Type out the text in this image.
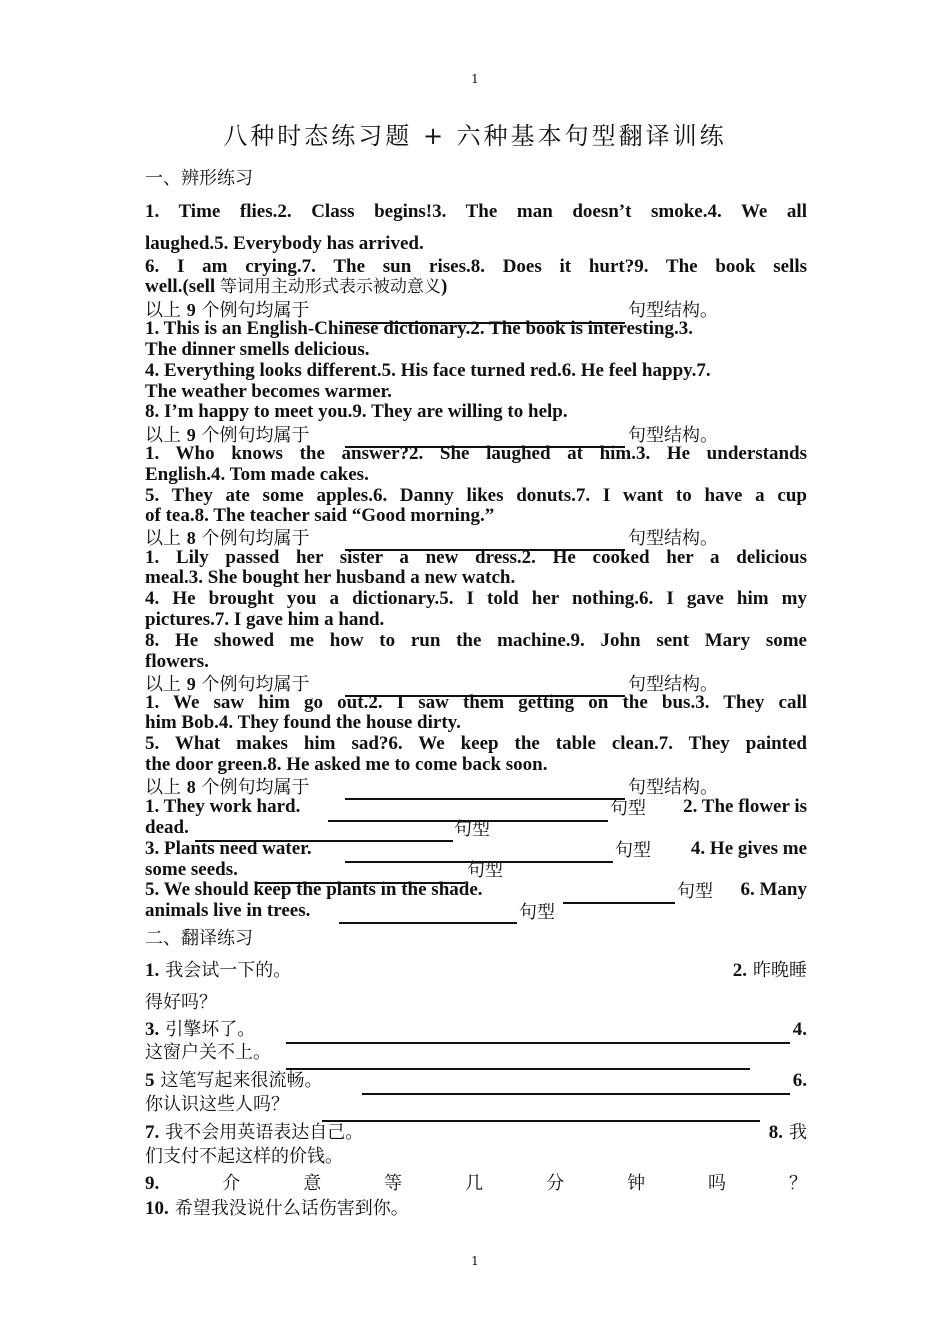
1
八种时态练习题 + 六种基本句型翻译训练
一、辨形练习
1. Time flies.2. Class begins!3. The man doesn’t smoke.4. We all
laughed.5. Everybody has arrived.
6. I am crying.7. The sun rises.8. Does it hurt?9. The book sells
well.(sell 等词用主动形式表示被动意义)
以上 9 个例句均属于	句型结构。
1. This is an English-Chinese dictionary.2. The book is interesting.3.
The dinner smells delicious.
4. Everything looks different.5. His face turned red.6. He feel happy.7.
The weather becomes warmer.
8. I’m happy to meet you.9. They are willing to help.
以上 9 个例句均属于	句型结构。
1. Who knows the answer?2. She laughed at him.3. He understands
English.4. Tom made cakes.
5. They ate some apples.6. Danny likes donuts.7. I want to have a cup
of tea.8. The teacher said “Good morning.”
以上 8 个例句均属于	句型结构。
1. Lily passed her sister a new dress.2. He cooked her a delicious
meal.3. She bought her husband a new watch.
4. He brought you a dictionary.5. I told her nothing.6. I gave him my
pictures.7. I gave him a hand.
8. He showed me how to run the machine.9. John sent Mary some
flowers.
以上 9 个例句均属于	句型结构。
1. We saw him go out.2. I saw them getting on the bus.3. They call
him Bob.4. They found the house dirty.
5. What makes him sad?6. We keep the table clean.7. They painted
the door green.8. He asked me to come back soon.
以上 8 个例句均属于	句型结构。
1. They work hard.	句型	2. The flower is
dead.	句型
3. Plants need water.	句型	4. He gives me
some seeds.	句型
5. We should keep the plants in the shade.	句型	6. Many
animals live in trees.	句型
二、翻译练习
1. 我会试一下的。	2. 昨晚睡
得好吗？
3. 引擎坏了。	4.
这窗户关不上。
5 这笔写起来很流畅。	6.
你认识这些人吗？
7. 我不会用英语表达自己。	8. 我
们支付不起这样的价钱。
9.	介	意	等	几	分	钟	吗	？
10. 希望我没说什么话伤害到你。
1
